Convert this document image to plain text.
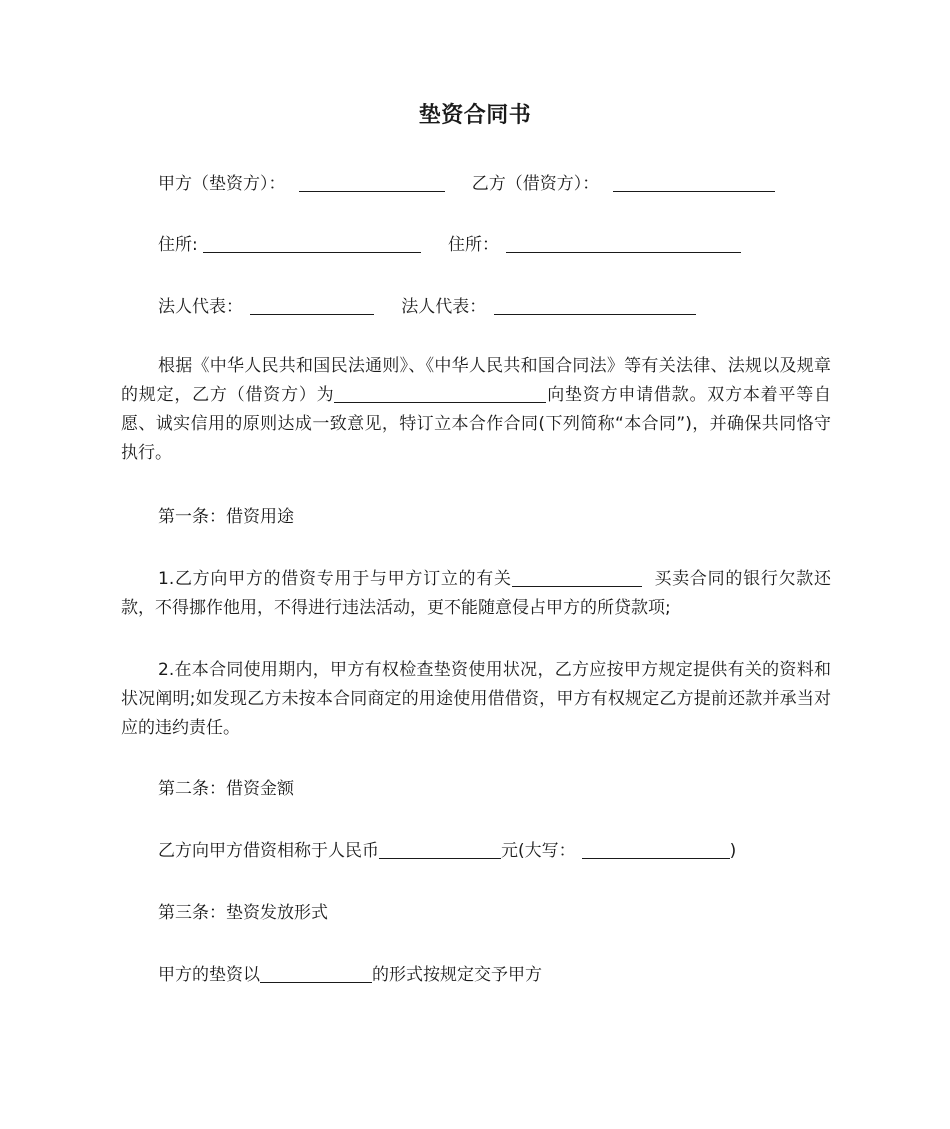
垫资合同书
甲方（垫资方）：	乙方（借资方）：
住所:	住所：
法人代表：	法人代表：
根据《中华人民共和国民法通则》、《中华人民共和国合同法》等有关法律、法规以及规章的规定，乙方（借资方）为	向垫资方申请借款。双方本着平等自愿、诚实信用的原则达成一致意见，特订立本合作合同(下列简称“本合同”)，并确保共同恪守执行。
第一条：借资用途
1.乙方向甲方的借资专用于与甲方订立的有关	买卖合同的银行欠款还款，不得挪作他用，不得进行违法活动，更不能随意侵占甲方的所贷款项;
2.在本合同使用期内，甲方有权检查垫资使用状况，乙方应按甲方规定提供有关的资料和状况阐明;如发现乙方未按本合同商定的用途使用借借资，甲方有权规定乙方提前还款并承当对应的违约责任。
第二条：借资金额
乙方向甲方借资相称于人民币	元(大写：	)
第三条：垫资发放形式
甲方的垫资以	的形式按规定交予甲方
